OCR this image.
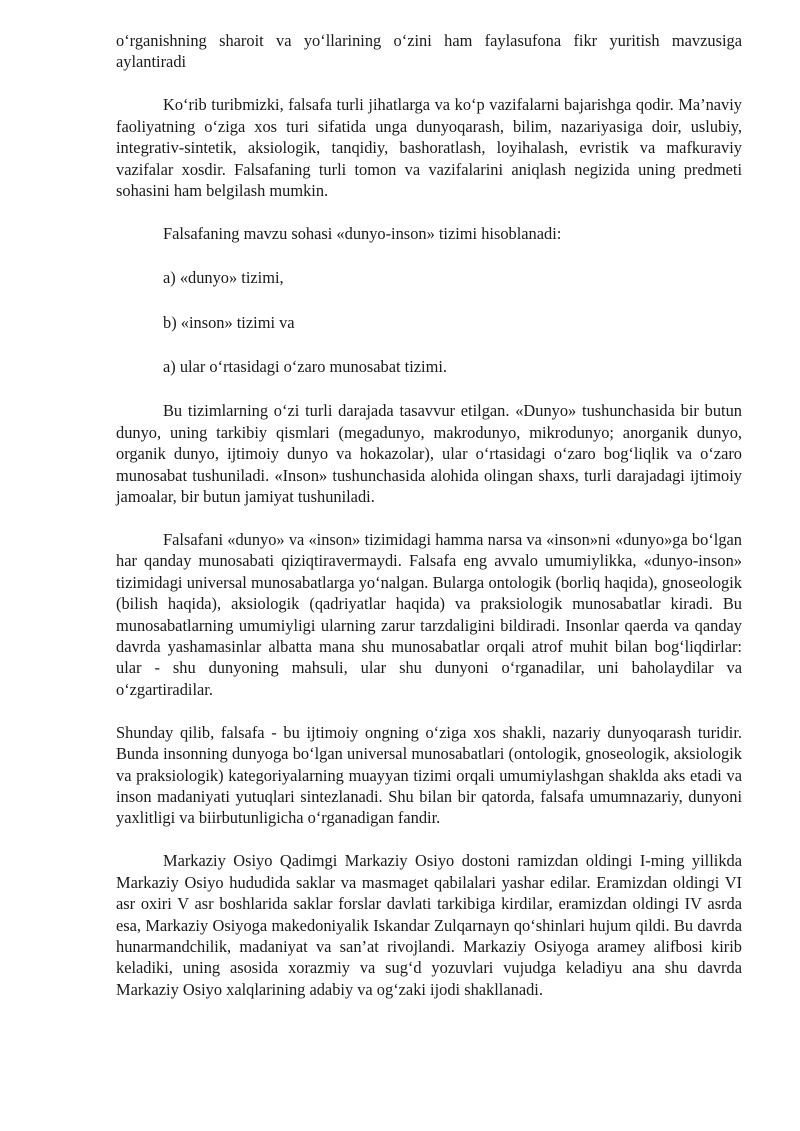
o‘rganishning sharoit va yo‘llarining o‘zini ham faylasufona fikr yuritish mavzusiga aylantiradi

Ko‘rib turibmizki, falsafa turli jihatlarga va ko‘p vazifalarni bajarishga qodir. Ma’naviy faoliyatning o‘ziga xos turi sifatida unga dunyoqarash, bilim, nazariyasiga doir, uslubiy, integrativ-sintetik, aksiologik, tanqidiy, bashoratlash, loyihalash, evristik va mafkuraviy vazifalar xosdir. Falsafaning turli tomon va vazifalarini aniqlash negizida uning predmeti sohasini ham belgilash mumkin.

Falsafaning mavzu sohasi «dunyo-inson» tizimi hisoblanadi:

a) «dunyo» tizimi,

b) «inson» tizimi va

a) ular o‘rtasidagi o‘zaro munosabat tizimi.

Bu tizimlarning o‘zi turli darajada tasavvur etilgan. «Dunyo» tushunchasida bir butun dunyo, uning tarkibiy qismlari (megadunyo, makrodunyo, mikrodunyo; anorganik dunyo, organik dunyo, ijtimoiy dunyo va hokazolar), ular o‘rtasidagi o‘zaro bog‘liqlik va o‘zaro munosabat tushuniladi. «Inson» tushunchasida alohida olingan shaxs, turli darajadagi ijtimoiy jamoalar, bir butun jamiyat tushuniladi.

Falsafani «dunyo» va «inson» tizimidagi hamma narsa va «inson»ni «dunyo»ga bo‘lgan har qanday munosabati qiziqtiravermaydi. Falsafa eng avvalo umumiylikka, «dunyo-inson» tizimidagi universal munosabatlarga yo‘nalgan. Bularga ontologik (borliq haqida), gnoseologik (bilish haqida), aksiologik (qadriyatlar haqida) va praksiologik munosabatlar kiradi. Bu munosabatlarning umumiyligi ularning zarur tarzdaligini bildiradi. Insonlar qaerda va qanday davrda yashamasinlar albatta mana shu munosabatlar orqali atrof muhit bilan bog‘liqdirlar: ular - shu dunyoning mahsuli, ular shu dunyoni o‘rganadilar, uni baholaydilar va o‘zgartiradilar.

Shunday qilib, falsafa - bu ijtimoiy ongning o‘ziga xos shakli, nazariy dunyoqarash turidir. Bunda insonning dunyoga bo‘lgan universal munosabatlari (ontologik, gnoseologik, aksiologik va praksiologik) kategoriyalarning muayyan tizimi orqali umumiylashgan shaklda aks etadi va inson madaniyati yutuqlari sintezlanadi. Shu bilan bir qatorda, falsafa umumnazariy, dunyoni yaxlitligi va biirbutunligicha o‘rganadigan fandir.

Markaziy Osiyo Qadimgi Markaziy Osiyo dostoni ramizdan oldingi I-ming yillikda Markaziy Osiyo hududida saklar va masmaget qabilalari yashar edilar. Eramizdan oldingi VI asr oxiri V asr boshlarida saklar forslar davlati tarkibiga kirdilar, eramizdan oldingi IV asrda esa, Markaziy Osiyoga makedoniyalik Iskandar Zulqarnayn qo‘shinlari hujum qildi. Bu davrda hunarmandchilik, madaniyat va san’at rivojlandi. Markaziy Osiyoga aramey alifbosi kirib keladiki, uning asosida xorazmiy va sug‘d yozuvlari vujudga keladiyu ana shu davrda Markaziy Osiyo xalqlarining adabiy va og‘zaki ijodi shakllanadi.
